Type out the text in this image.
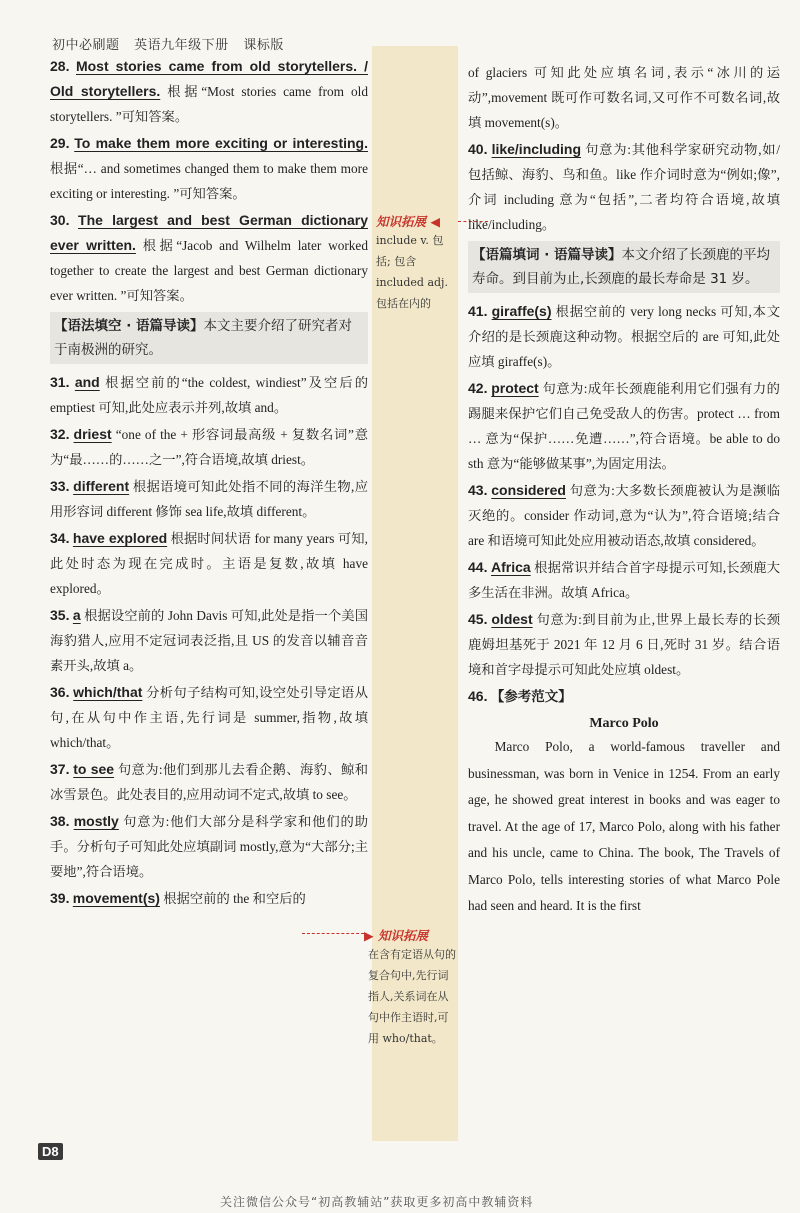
初中必刷题 英语九年级下册 课标版
28. Most stories came from old storytellers. / Old storytellers. 根据“Most stories came from old storytellers. ”可知答案。
29. To make them more exciting or interesting. 根据“… and sometimes changed them to make them more exciting or interesting. ”可知答案。
30. The largest and best German dictionary ever written. 根据“Jacob and Wilhelm later worked together to create the largest and best German dictionary ever written. ”可知答案。
【语法填空 · 语篇导读】本文主要介绍了研究者对于南极洲的研究。
31. and 根据空前的“the coldest, windiest”及空后的 emptiest 可知,此处应表示并列,故填 and。
32. driest “one of the + 形容词最高级 + 复数名词”意为“最……的……之一”,符合语境,故填 driest。
33. different 根据语境可知此处指不同的海洋生物,应用形容词 different 修饰 sea life,故填 different。
34. have explored 根据时间状语 for many years 可知,此处时态为现在完成时。主语是复数,故填 have explored。
35. a 根据设空前的 John Davis 可知,此处是指一个美国海豹猎人,应用不定冠词表泛指,且 US 的发音以辅音音素开头,故填 a。
36. which/that 分析句子结构可知,设空处引导定语从句,在从句中作主语,先行词是 summer,指物,故填 which/that。
37. to see 句意为:他们到那儿去看企鹅、海豹、鲸和冰雪景色。此处表目的,应用动词不定式,故填 to see。
38. mostly 句意为:他们大部分是科学家和他们的助手。分析句子可知此处应填副词 mostly,意为“大部分;主要地”,符合语境。
39. movement(s) 根据空前的 the 和空后的
知识拓展 ◀
include v. 包括; 包含 included adj. 包括在内的
▶ 知识拓展
在含有定语从句的复合句中,先行词指人,关系词在从句中作主语时,可用 who/that。
of glaciers 可知此处应填名词,表示“冰川的运动”,movement 既可作可数名词,又可作不可数名词,故填 movement(s)。
40. like/including 句意为:其他科学家研究动物,如/包括鲸、海豹、鸟和鱼。like 作介词时意为“例如;像”,介词 including 意为“包括”,二者均符合语境,故填 like/including。
【语篇填词 · 语篇导读】本文介绍了长颈鹿的平均寿命。到目前为止,长颈鹿的最长寿命是 31 岁。
41. giraffe(s) 根据空前的 very long necks 可知,本文介绍的是长颈鹿这种动物。根据空后的 are 可知,此处应填 giraffe(s)。
42. protect 句意为:成年长颈鹿能利用它们强有力的踢腿来保护它们自己免受敌人的伤害。protect … from … 意为“保护……免遭……”,符合语境。be able to do sth 意为“能够做某事”,为固定用法。
43. considered 句意为:大多数长颈鹿被认为是濒临灭绝的。consider 作动词,意为“认为”,符合语境;结合 are 和语境可知此处应用被动语态,故填 considered。
44. Africa 根据常识并结合首字母提示可知,长颈鹿大多生活在非洲。故填 Africa。
45. oldest 句意为:到目前为止,世界上最长寿的长颈鹿姆坦基死于 2021 年 12 月 6 日,死时 31 岁。结合语境和首字母提示可知此处应填 oldest。
46. 【参考范文】
Marco Polo
Marco Polo, a world-famous traveller and businessman, was born in Venice in 1254. From an early age, he showed great interest in books and was eager to travel. At the age of 17, Marco Polo, along with his father and his uncle, came to China. The book, The Travels of Marco Polo, tells interesting stories of what Marco Pole had seen and heard. It is the first
D8
关注微信公众号“初高教辅站”获取更多初高中教辅资料
